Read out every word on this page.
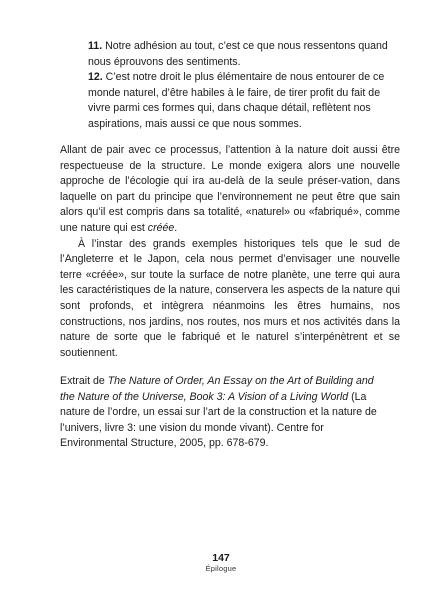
11. Notre adhésion au tout, c’est ce que nous ressentons quand nous éprouvons des sentiments.

12. C’est notre droit le plus élémentaire de nous entourer de ce monde naturel, d’être habiles à le faire, de tirer profit du fait de vivre parmi ces formes qui, dans chaque détail, reflètent nos aspirations, mais aussi ce que nous sommes.

Allant de pair avec ce processus, l’attention à la nature doit aussi être respectueuse de la structure. Le monde exigera alors une nouvelle approche de l’écologie qui ira au-delà de la seule préser-vation, dans laquelle on part du principe que l’environnement ne peut être que sain alors qu’il est compris dans sa totalité, «naturel» ou «fabriqué», comme une nature qui est créée.

À l’instar des grands exemples historiques tels que le sud de l’Angleterre et le Japon, cela nous permet d’envisager une nouvelle terre «créée», sur toute la surface de notre planète, une terre qui aura les caractéristiques de la nature, conservera les aspects de la nature qui sont profonds, et intègrera néanmoins les êtres humains, nos constructions, nos jardins, nos routes, nos murs et nos activités dans la nature de sorte que le fabriqué et le naturel s’interpénètrent et se soutiennent.

Extrait de The Nature of Order, An Essay on the Art of Building and the Nature of the Universe, Book 3: A Vision of a Living World (La nature de l’ordre, un essai sur l’art de la construction et la nature de l’univers, livre 3: une vision du monde vivant). Centre for Environmental Structure, 2005, pp. 678-679.

147
Épilogue
